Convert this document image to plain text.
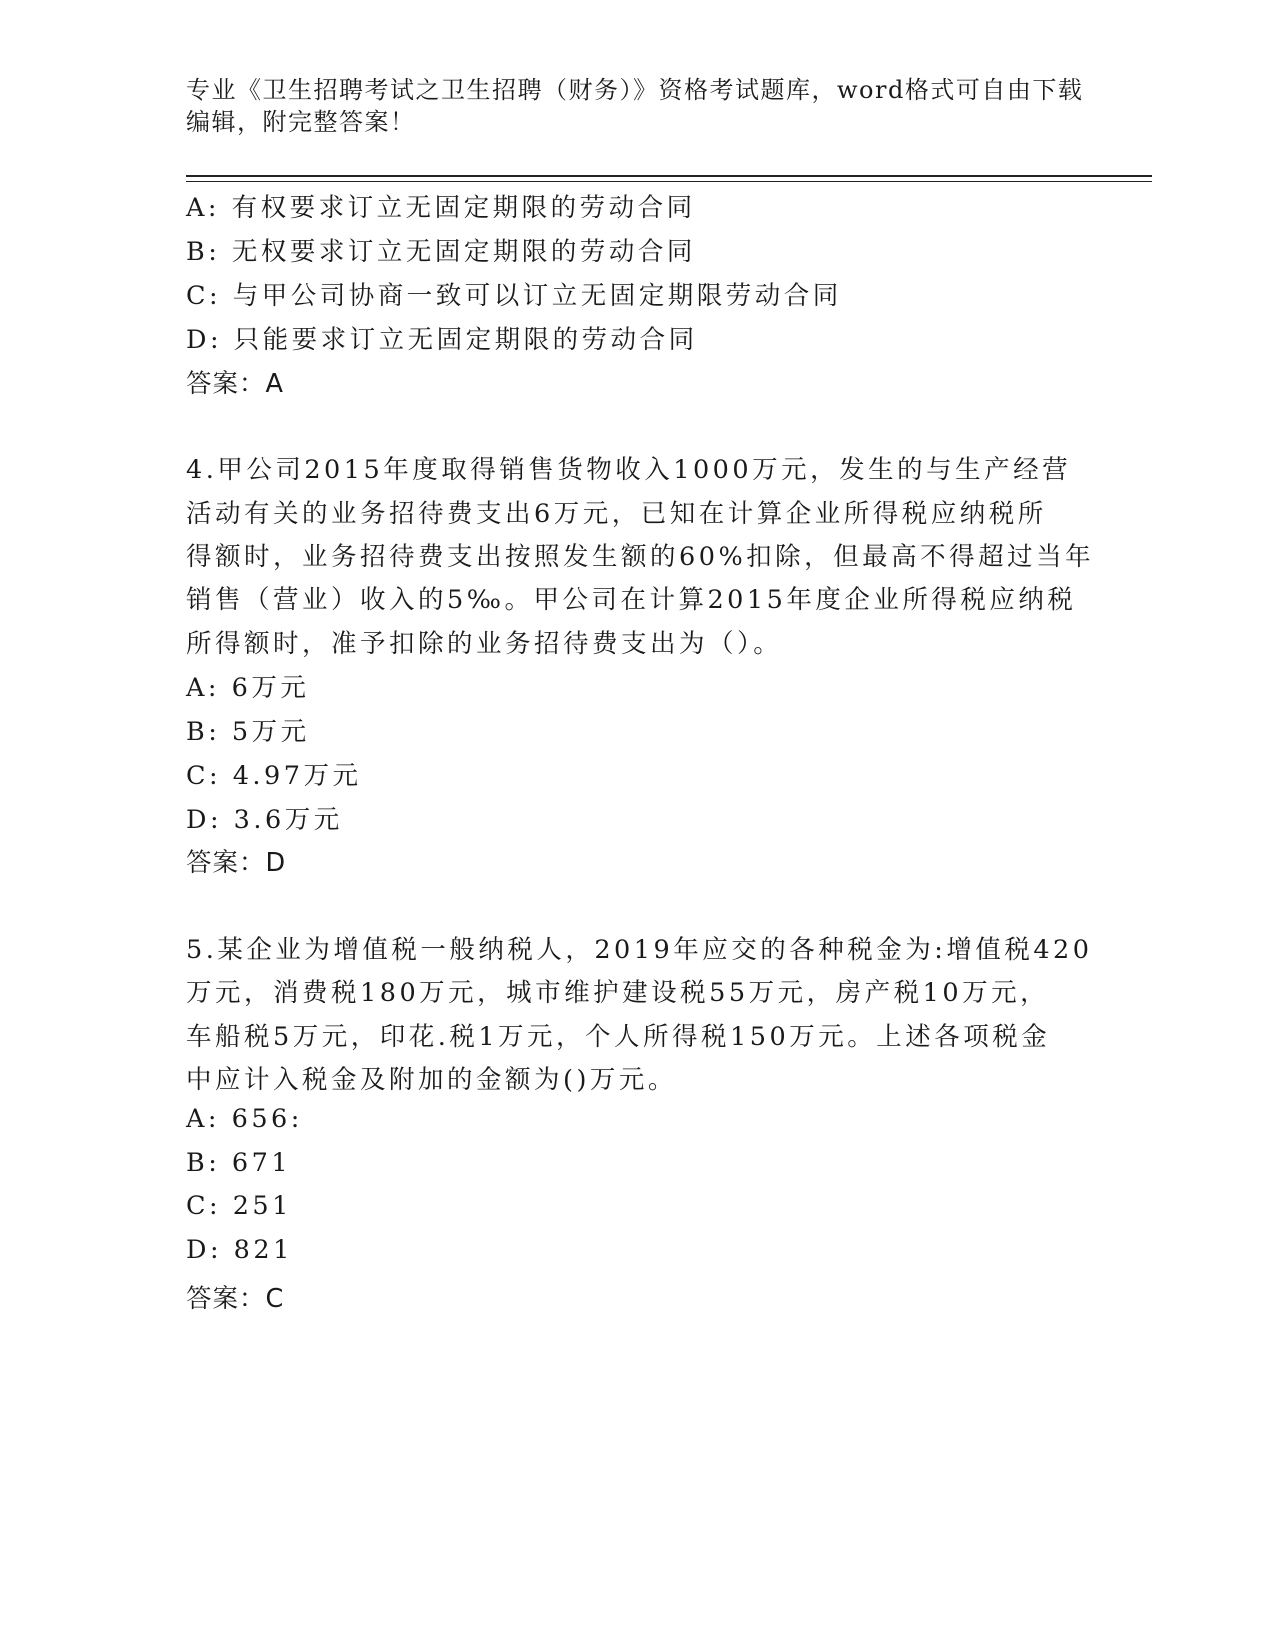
专业《卫生招聘考试之卫生招聘（财务）》资格考试题库，word格式可自由下载
编辑，附完整答案！
A: 有权要求订立无固定期限的劳动合同
B: 无权要求订立无固定期限的劳动合同
C: 与甲公司协商一致可以订立无固定期限劳动合同
D: 只能要求订立无固定期限的劳动合同
答案：A
4.甲公司2015年度取得销售货物收入1000万元，发生的与生产经营
活动有关的业务招待费支出6万元，已知在计算企业所得税应纳税所
得额时，业务招待费支出按照发生额的60%扣除，但最高不得超过当年
销售（营业）收入的5‰。甲公司在计算2015年度企业所得税应纳税
所得额时，准予扣除的业务招待费支出为（）。
A: 6万元
B: 5万元
C: 4.97万元
D: 3.6万元
答案：D
5.某企业为增值税一般纳税人，2019年应交的各种税金为:增值税420
万元，消费税180万元，城市维护建设税55万元，房产税10万元，
车船税5万元，印花.税1万元，个人所得税150万元。上述各项税金
中应计入税金及附加的金额为()万元。
A: 656:
B: 671
C: 251
D: 821
答案：C
